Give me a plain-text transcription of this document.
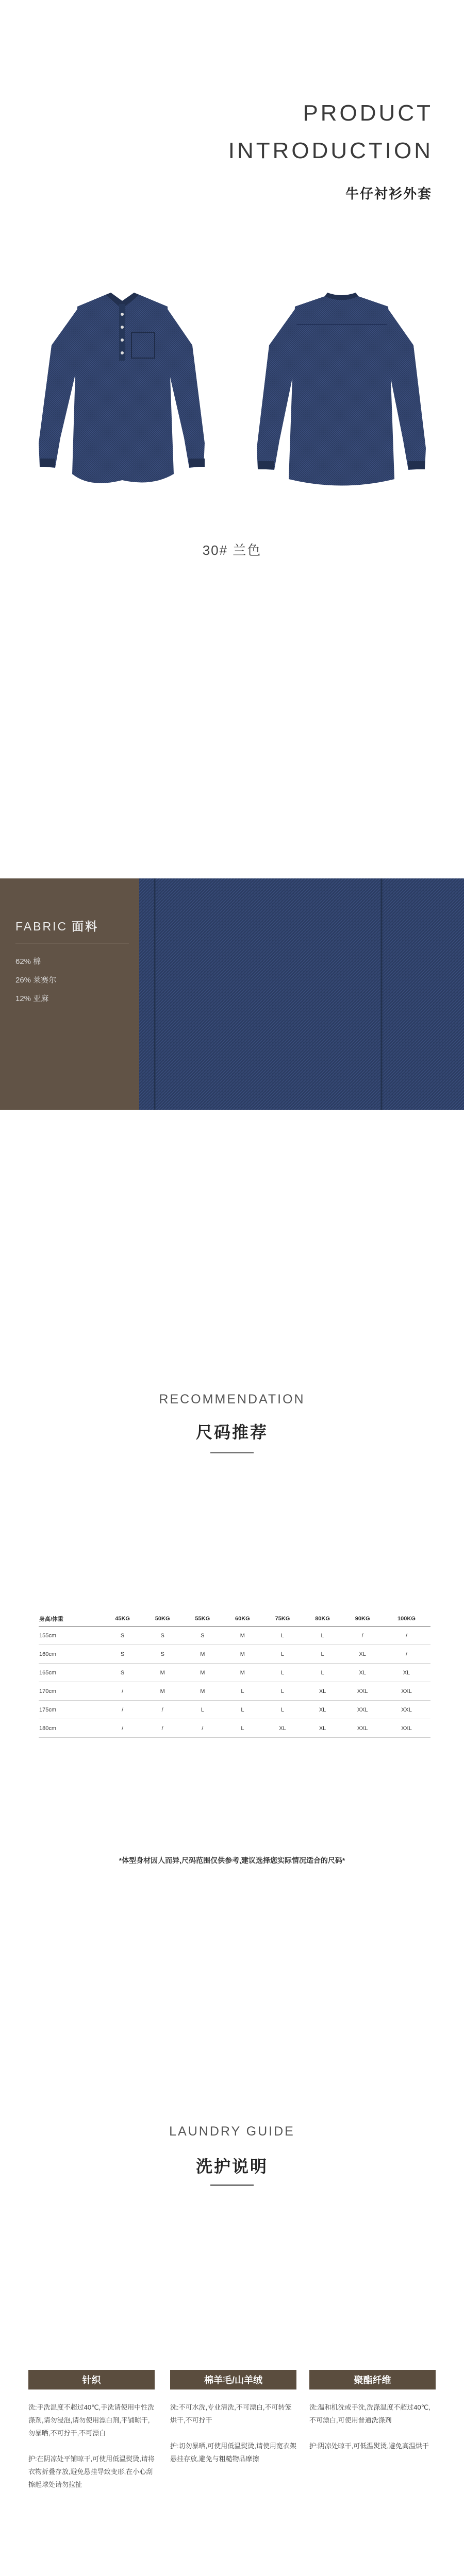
PRODUCT
INTRODUCTION
牛仔衬衫外套
30# 兰色
FABRIC 面料
62% 棉
26% 莱赛尔
12% 亚麻
RECOMMENDATION
尺码推荐
身高/体重	45KG	50KG	55KG	60KG	75KG	80KG	90KG	100KG
155cm	S	S	S	M	L	L	/	/
160cm	S	S	M	M	L	L	XL	/
165cm	S	M	M	M	L	L	XL	XL
170cm	/	M	M	L	L	XL	XXL	XXL
175cm	/	/	L	L	L	XL	XXL	XXL
180cm	/	/	/	L	XL	XL	XXL	XXL
*体型身材因人而异,尺码范围仅供参考,建议选择您实际情况适合的尺码*
LAUNDRY GUIDE
洗护说明
针织
洗:手洗温度不超过40℃,手洗请使用中性洗涤剂,请勿浸泡,请勿使用漂白剂,平铺晾干,勿暴晒,不可拧干,不可漂白

护:在阴凉处平铺晾干,可使用低温熨烫,请将衣物折叠存放,避免悬挂导致变形,在小心刮擦起球处请勿拉扯
棉羊毛/山羊绒
洗:不可水洗,专业清洗,不可漂白,不可转笼烘干,不可拧干

护:切勿暴晒,可使用低温熨烫,请使用宽衣架悬挂存放,避免与粗糙物品摩擦
聚酯纤维
洗:温和机洗或手洗,洗涤温度不超过40℃,不可漂白,可使用普通洗涤剂

护:阴凉处晾干,可低温熨烫,避免高温烘干
